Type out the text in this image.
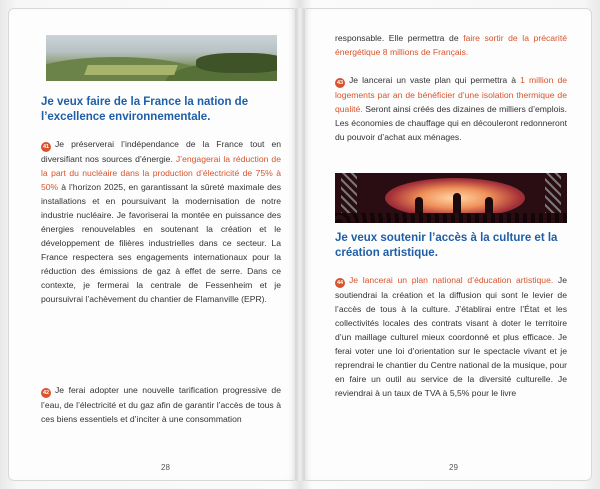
Je veux faire de la France la nation de l’excellence environnementale.

41 Je préserverai l’indépendance de la France tout en diversifiant nos sources d’énergie. J’engagerai la réduction de la part du nucléaire dans la production d’électricité de 75% à 50% à l’horizon 2025, en garantissant la sûreté maximale des installations et en poursuivant la modernisation de notre industrie nucléaire. Je favoriserai la montée en puissance des énergies renouvelables en soutenant la création et le développement de filières industrielles dans ce secteur. La France respectera ses engagements internationaux pour la réduction des émissions de gaz à effet de serre. Dans ce contexte, je fermerai la centrale de Fessenheim et je poursuivrai l’achèvement du chantier de Flamanville (EPR).

42 Je ferai adopter une nouvelle tarification progressive de l’eau, de l’électricité et du gaz afin de garantir l’accès de tous à ces biens essentiels et d’inciter à une consommation

28

responsable. Elle permettra de faire sortir de la précarité énergétique 8 millions de Français.

43 Je lancerai un vaste plan qui permettra à 1 million de logements par an de bénéficier d’une isolation thermique de qualité. Seront ainsi créés des dizaines de milliers d’emplois. Les économies de chauffage qui en découleront redonneront du pouvoir d’achat aux ménages.

Je veux soutenir l’accès à la culture et la création artistique.

44 Je lancerai un plan national d’éducation artistique. Je soutiendrai la création et la diffusion qui sont le levier de l’accès de tous à la culture. J’établirai entre l’État et les collectivités locales des contrats visant à doter le territoire d’un maillage culturel mieux coordonné et plus efficace. Je ferai voter une loi d’orientation sur le spectacle vivant et je reprendrai le chantier du Centre national de la musique, pour en faire un outil au service de la diversité culturelle. Je reviendrai à un taux de TVA à 5,5% pour le livre

29
